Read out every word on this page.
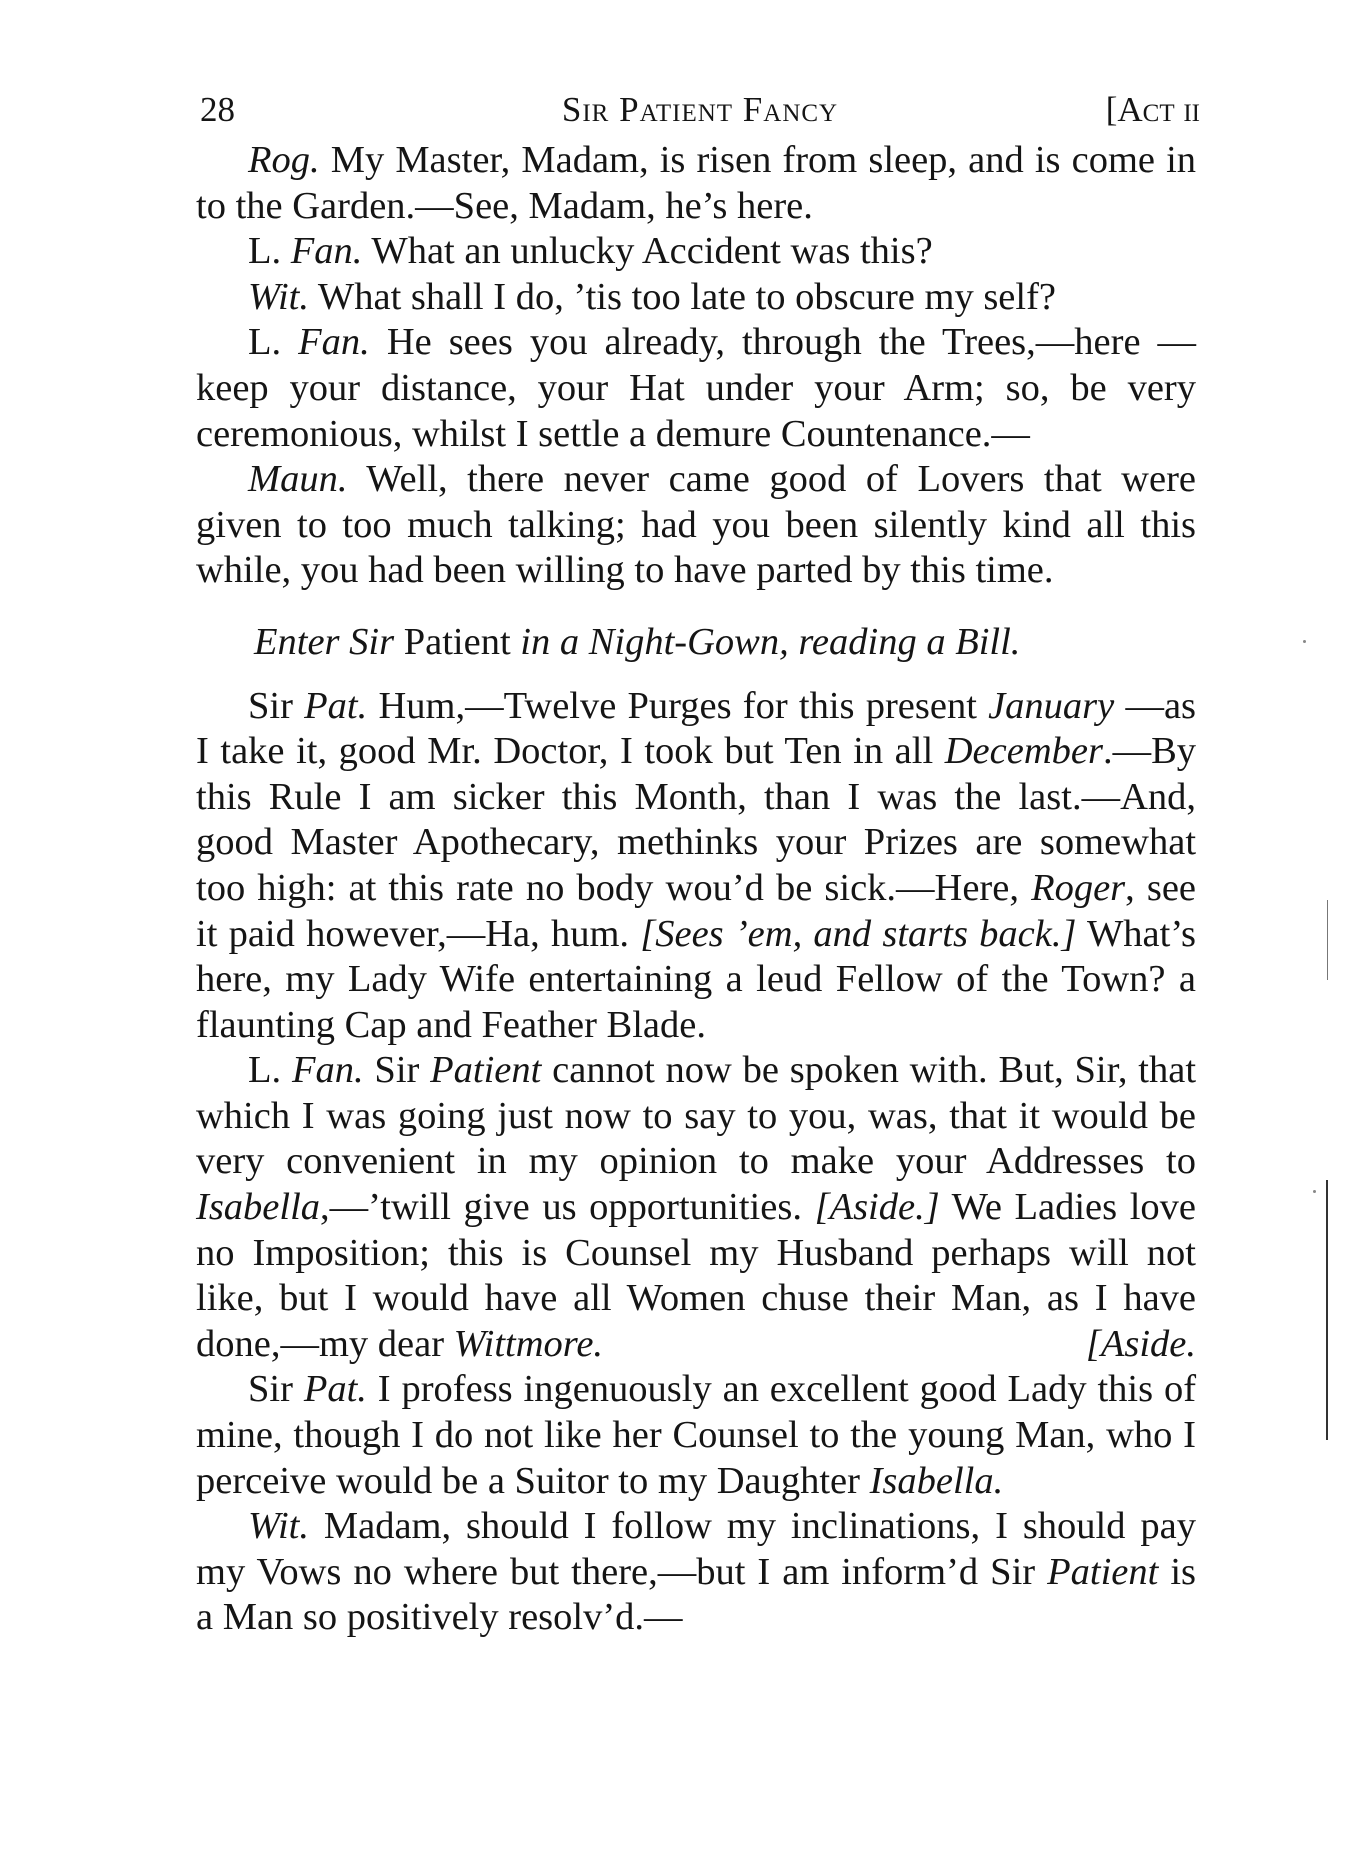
28	Sir Patient Fancy	[Act ii

Rog. My Master, Madam, is risen from sleep, and is come in to the Garden.—See, Madam, he’s here.

L. Fan. What an unlucky Accident was this?

Wit. What shall I do, ’tis too late to obscure my self?

L. Fan. He sees you already, through the Trees,—here —keep your distance, your Hat under your Arm; so, be very ceremonious, whilst I settle a demure Countenance.—

Maun. Well, there never came good of Lovers that were given to too much talking; had you been silently kind all this while, you had been willing to have parted by this time.

Enter Sir Patient in a Night-Gown, reading a Bill.

Sir Pat. Hum,—Twelve Purges for this present January —as I take it, good Mr. Doctor, I took but Ten in all December.—By this Rule I am sicker this Month, than I was the last.—And, good Master Apothecary, methinks your Prizes are somewhat too high: at this rate no body wou’d be sick.—Here, Roger, see it paid however,—Ha, hum. [Sees ’em, and starts back.] What’s here, my Lady Wife entertaining a leud Fellow of the Town? a flaunting Cap and Feather Blade.

L. Fan. Sir Patient cannot now be spoken with. But, Sir, that which I was going just now to say to you, was, that it would be very convenient in my opinion to make your Addresses to Isabella,—’twill give us opportunities. [Aside.] We Ladies love no Imposition; this is Counsel my Husband perhaps will not like, but I would have all Women chuse their Man, as I have done,—my dear Wittmore.	[Aside.

Sir Pat. I profess ingenuously an excellent good Lady this of mine, though I do not like her Counsel to the young Man, who I perceive would be a Suitor to my Daughter Isabella.

Wit. Madam, should I follow my inclinations, I should pay my Vows no where but there,—but I am inform’d Sir Patient is a Man so positively resolv’d.—
